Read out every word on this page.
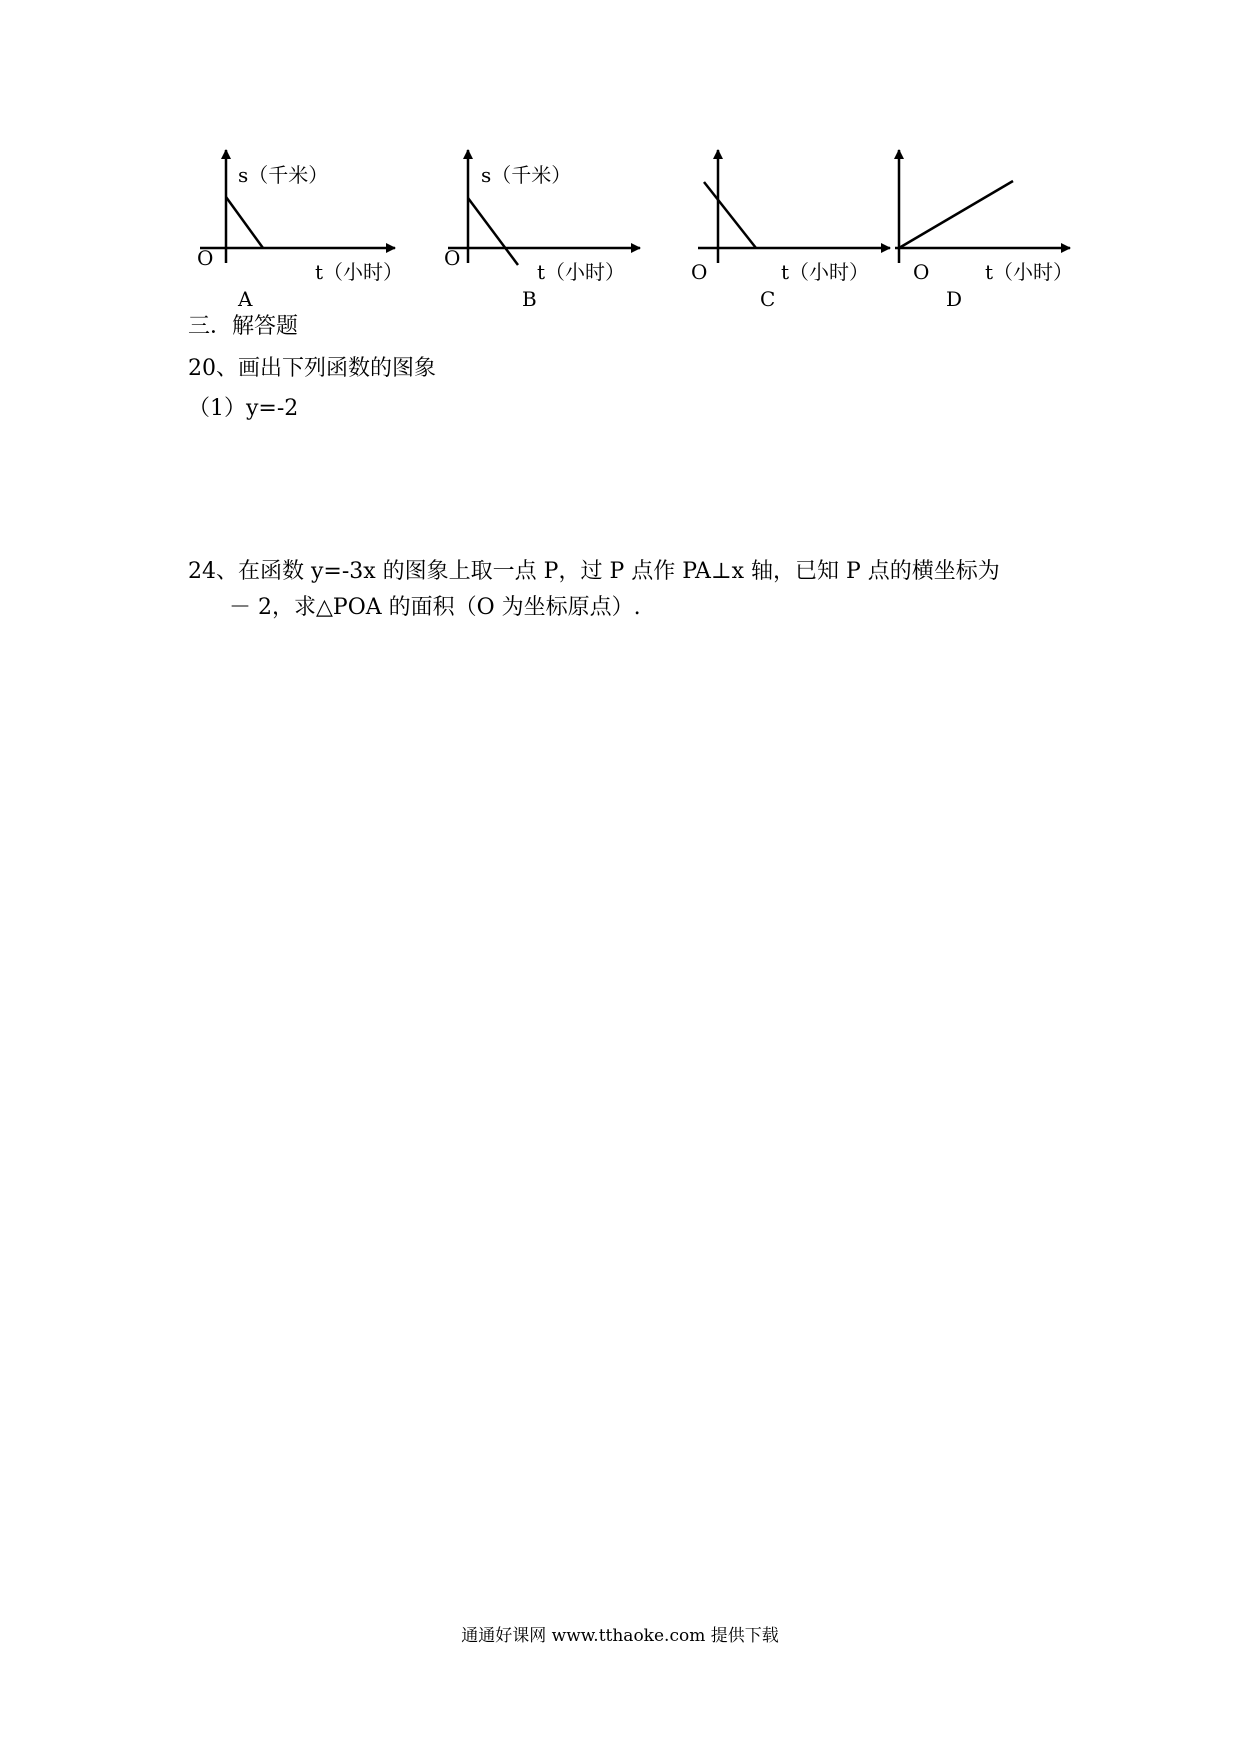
s（千米）
O
t（小时）
A
s（千米）
O
t（小时）
B
O	t（小时）
C
O	t（小时）
D
三．解答题
20、画出下列函数的图象
（1）y=-2
24、在函数 y=-3x 的图象上取一点 P，过 P 点作 PA⊥x 轴，已知 P 点的横坐标为
－ 2，求△POA 的面积（O 为坐标原点）.
通通好课网 www.tthaoke.com 提供下载
